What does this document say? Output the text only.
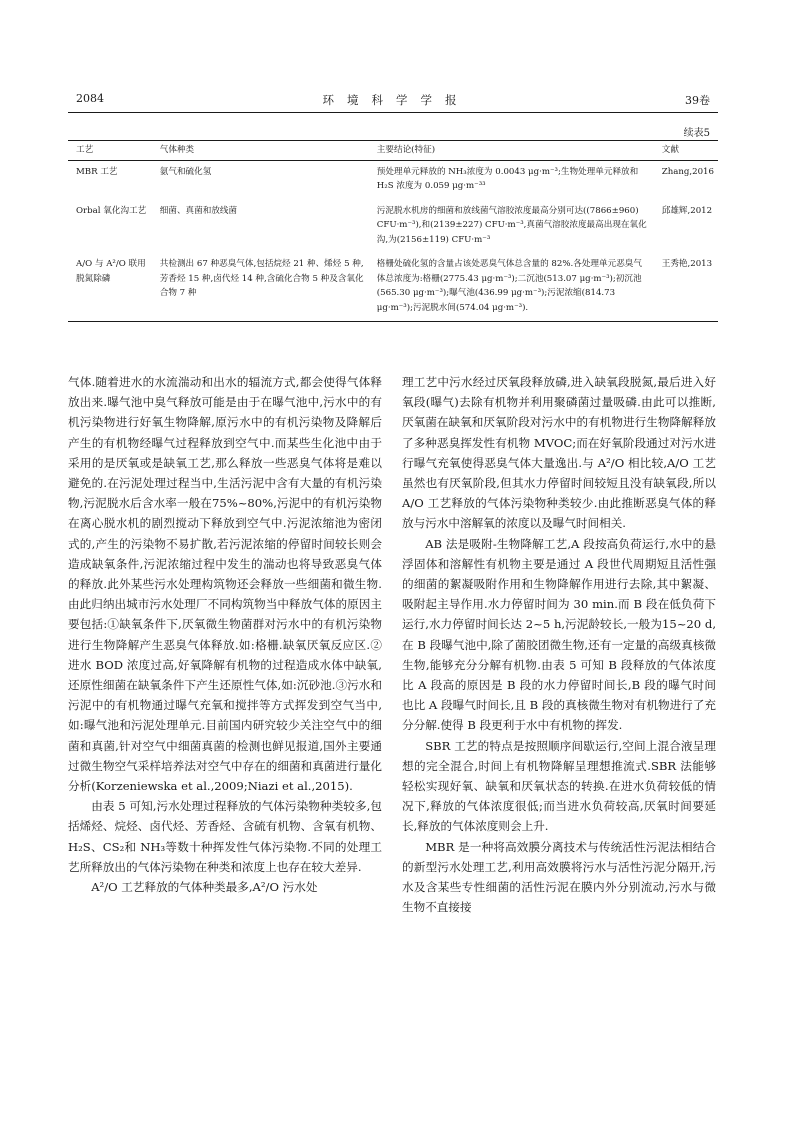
2084	环境科学学报	39卷
续表5
工艺	气体种类	主要结论(特征)	文献
MBR 工艺	氨气和硫化氢	预处理单元释放的 NH₃浓度为 0.0043 μg·m⁻³;生物处理单元释放和 H₂S 浓度为 0.059 μg·m⁻³³	Zhang,2016
Orbal 氧化沟工艺	细菌、真菌和放线菌	污泥脱水机房的细菌和放线菌气溶胶浓度最高分别可达((7866±960) CFU·m⁻³),和(2139±227) CFU·m⁻³,真菌气溶胶浓度最高出现在氧化沟,为(2156±119) CFU·m⁻³	邱雄辉,2012
A/O 与 A²/O 联用脱氮除磷	共检测出 67 种恶臭气体,包括烷烃 21 种、烯烃 5 种,芳香烃 15 种,卤代烃 14 种,含硫化合物 5 种及含氧化合物 7 种	格栅处硫化氢的含量占该处恶臭气体总含量的 82%.各处理单元恶臭气体总浓度为:格栅(2775.43 μg·m⁻³);二沉池(513.07 μg·m⁻³);初沉池(565.30 μg·m⁻³);曝气池(436.99 μg·m⁻³);污泥浓缩(814.73 μg·m⁻³);污泥脱水间(574.04 μg·m⁻³).	王秀艳,2013

气体.随着进水的水流湍动和出水的辐流方式,都会使得气体释放出来.曝气池中臭气释放可能是由于在曝气池中,污水中的有机污染物进行好氧生物降解,原污水中的有机污染物及降解后产生的有机物经曝气过程释放到空气中.而某些生化池中由于采用的是厌氧或是缺氧工艺,那么释放一些恶臭气体将是难以避免的.在污泥处理过程当中,生活污泥中含有大量的有机污染物,污泥脱水后含水率一般在75%~80%,污泥中的有机污染物在离心脱水机的剧烈搅动下释放到空气中.污泥浓缩池为密闭式的,产生的污染物不易扩散,若污泥浓缩的停留时间较长则会造成缺氧条件,污泥浓缩过程中发生的湍动也将导致恶臭气体的释放.此外某些污水处理构筑物还会释放一些细菌和微生物.由此归纳出城市污水处理厂不同构筑物当中释放气体的原因主要包括:①缺氧条件下,厌氧微生物菌群对污水中的有机污染物进行生物降解产生恶臭气体释放.如:格栅.缺氧厌氧反应区.②进水 BOD 浓度过高,好氧降解有机物的过程造成水体中缺氧,还原性细菌在缺氧条件下产生还原性气体,如:沉砂池.③污水和污泥中的有机物通过曝气充氧和搅拌等方式挥发到空气当中,如:曝气池和污泥处理单元.目前国内研究较少关注空气中的细菌和真菌,针对空气中细菌真菌的检测也鲜见报道,国外主要通过微生物空气采样培养法对空气中存在的细菌和真菌进行量化分析(Korzeniewska et al.,2009;Niazi et al.,2015).

由表 5 可知,污水处理过程释放的气体污染物种类较多,包括烯烃、烷烃、卤代烃、芳香烃、含硫有机物、含氧有机物、H₂S、CS₂和 NH₃等数十种挥发性气体污染物.不同的处理工艺所释放出的气体污染物在种类和浓度上也存在较大差异.

A²/O 工艺释放的气体种类最多,A²/O 污水处

理工艺中污水经过厌氧段释放磷,进入缺氧段脱氮,最后进入好氧段(曝气)去除有机物并利用聚磷菌过量吸磷.由此可以推断,厌氧菌在缺氧和厌氧阶段对污水中的有机物进行生物降解释放了多种恶臭挥发性有机物 MVOC;而在好氧阶段通过对污水进行曝气充氧使得恶臭气体大量逸出.与 A²/O 相比较,A/O 工艺虽然也有厌氧阶段,但其水力停留时间较短且没有缺氧段,所以 A/O 工艺释放的气体污染物种类较少.由此推断恶臭气体的释放与污水中溶解氧的浓度以及曝气时间相关.

AB 法是吸附-生物降解工艺,A 段按高负荷运行,水中的悬浮固体和溶解性有机物主要是通过 A 段世代周期短且活性强的细菌的絮凝吸附作用和生物降解作用进行去除,其中絮凝、吸附起主导作用.水力停留时间为 30 min.而 B 段在低负荷下运行,水力停留时间长达 2~5 h,污泥龄较长,一般为15~20 d,在 B 段曝气池中,除了菌胶团微生物,还有一定量的高级真核微生物,能够充分分解有机物.由表 5 可知 B 段释放的气体浓度比 A 段高的原因是 B 段的水力停留时间长,B 段的曝气时间也比 A 段曝气时间长,且 B 段的真核微生物对有机物进行了充分分解.使得 B 段更利于水中有机物的挥发.

SBR 工艺的特点是按照顺序间歇运行,空间上混合液呈理想的完全混合,时间上有机物降解呈理想推流式.SBR 法能够轻松实现好氧、缺氧和厌氧状态的转换.在进水负荷较低的情况下,释放的气体浓度很低;而当进水负荷较高,厌氧时间要延长,释放的气体浓度则会上升.

MBR 是一种将高效膜分离技术与传统活性污泥法相结合的新型污水处理工艺,利用高效膜将污水与活性污泥分隔开,污水及含某些专性细菌的活性污泥在膜内外分别流动,污水与微生物不直接接
